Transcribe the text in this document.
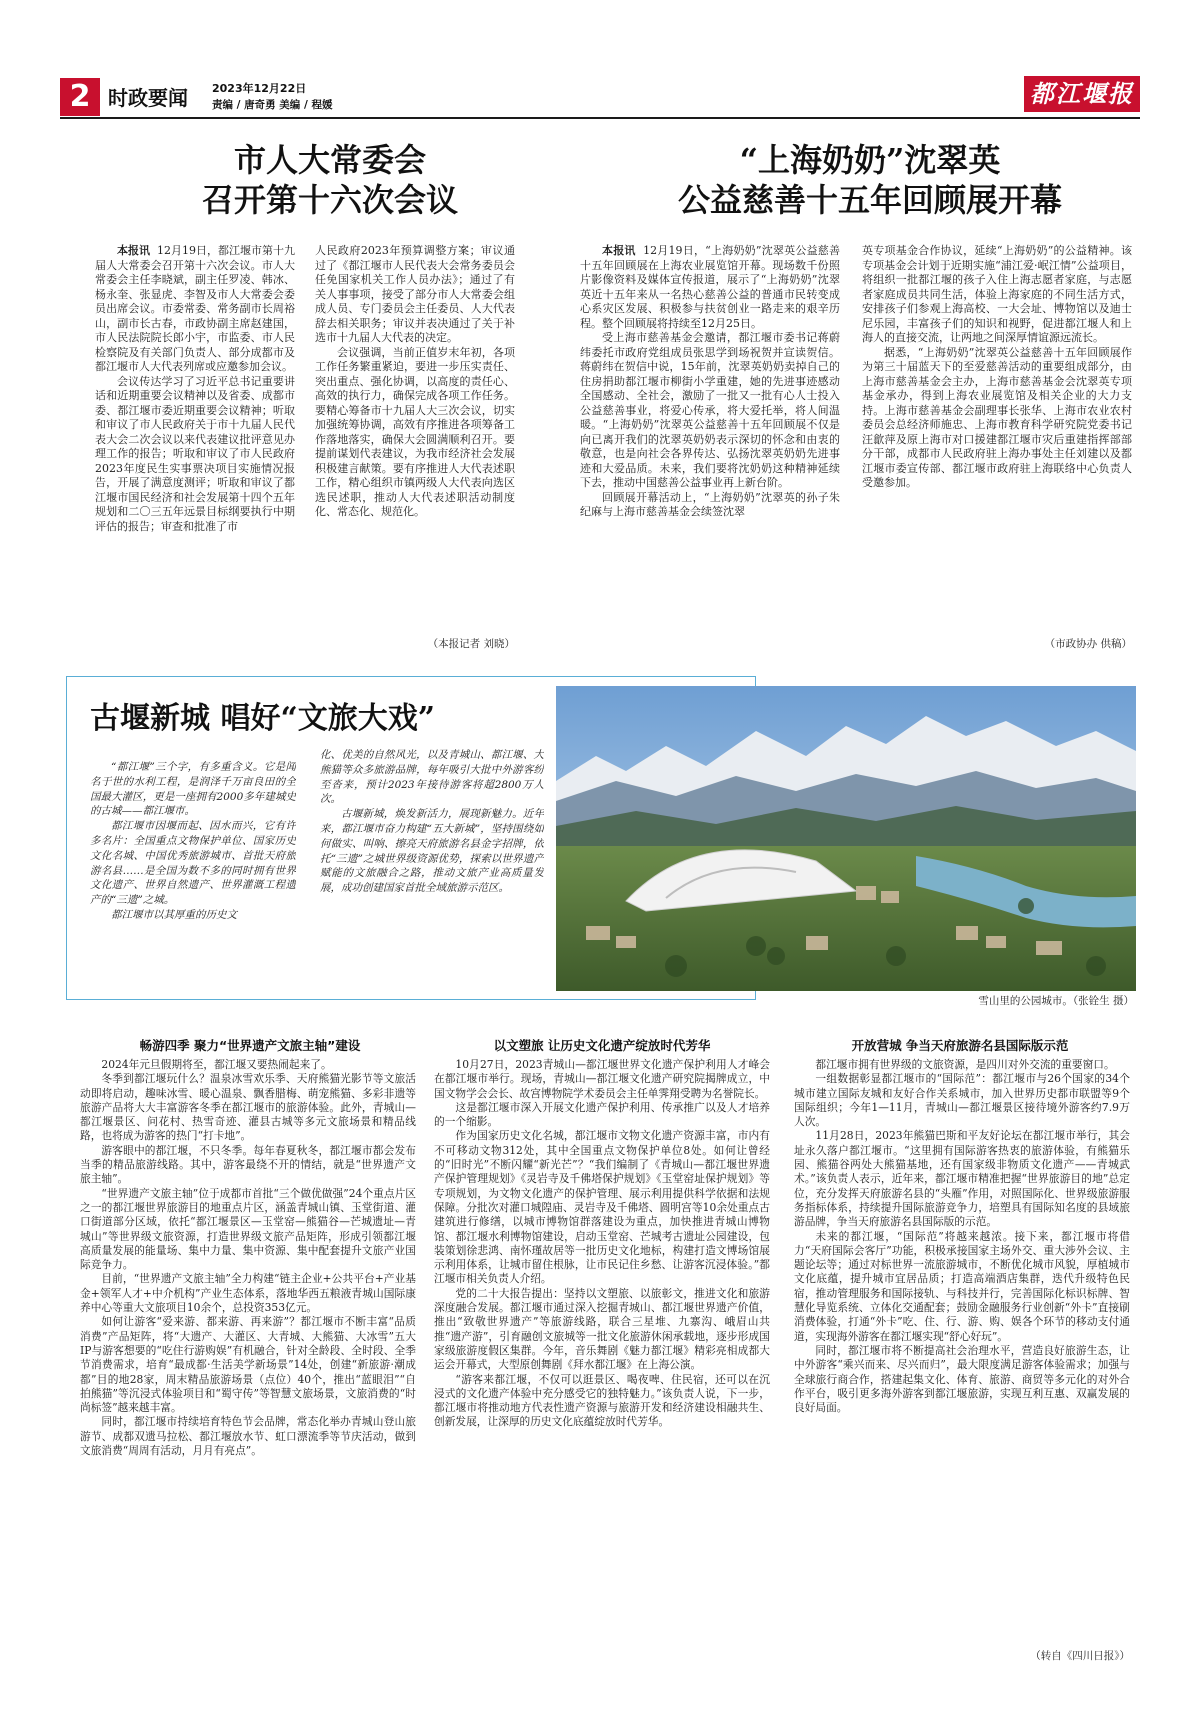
2 时政要闻 2023年12月22日
责编 / 唐奇勇 美编 / 程媛	都江堰报
市人大常委会
召开第十六次会议

本报讯 12月19日，都江堰市第十九届人大常委会召开第十六次会议。市人大常委会主任李晓斌，副主任罗凌、韩冰、杨永奎、张显虎、李智及市人大常委会委员出席会议。市委常委、常务副市长周裕山，副市长古春，市政协副主席赵建国，市人民法院院长郎小宇，市监委、市人民检察院及有关部门负责人、部分成都市及都江堰市人大代表列席或应邀参加会议。

会议传达学习了习近平总书记重要讲话和近期重要会议精神以及省委、成都市委、都江堰市委近期重要会议精神；听取和审议了市人民政府关于市十九届人民代表大会二次会议以来代表建议批评意见办理工作的报告；听取和审议了市人民政府2023年度民生实事票决项目实施情况报告，开展了满意度测评；听取和审议了都江堰市国民经济和社会发展第十四个五年规划和二〇三五年远景目标纲要执行中期评估的报告；审查和批准了市

人民政府2023年预算调整方案；审议通过了《都江堰市人民代表大会常务委员会任免国家机关工作人员办法》；通过了有关人事事项，接受了部分市人大常委会组成人员、专门委员会主任委员、人大代表辞去相关职务；审议并表决通过了关于补选市十九届人大代表的决定。

会议强调，当前正值岁末年初，各项工作任务繁重紧迫，要进一步压实责任、突出重点、强化协调，以高度的责任心、高效的执行力，确保完成各项工作任务。要精心筹备市十九届人大三次会议，切实加强统筹协调，高效有序推进各项筹备工作落地落实，确保大会圆满顺利召开。要提前谋划代表建议，为我市经济社会发展积极建言献策。要有序推进人大代表述职工作，精心组织市镇两级人大代表向选区选民述职，推动人大代表述职活动制度化、常态化、规范化。

（本报记者 刘晓）
“上海奶奶”沈翠英
公益慈善十五年回顾展开幕

本报讯 12月19日，“上海奶奶”沈翠英公益慈善十五年回顾展在上海农业展览馆开幕。现场数千份照片影像资料及媒体宣传报道，展示了“上海奶奶”沈翠英近十五年来从一名热心慈善公益的普通市民转变成心系灾区发展、积极参与扶贫创业一路走来的艰辛历程。整个回顾展将持续至12月25日。

受上海市慈善基金会邀请，都江堰市委书记蒋蔚纬委托市政府党组成员张思学到场祝贺并宣读贺信。蒋蔚纬在贺信中说，15年前，沈翠英奶奶卖掉自己的住房捐助都江堰市柳街小学重建，她的先进事迹感动全国感动、全社会，激励了一批又一批有心人士投入公益慈善事业，将爱心传承，将大爱托举，将人间温暖。“上海奶奶”沈翠英公益慈善十五年回顾展不仅是向已离开我们的沈翠英奶奶表示深切的怀念和由衷的敬意，也是向社会各界传达、弘扬沈翠英奶奶先进事迹和大爱品质。未来，我们要将沈奶奶这种精神延续下去，推动中国慈善公益事业再上新台阶。

回顾展开幕活动上，“上海奶奶”沈翠英的孙子朱纪麻与上海市慈善基金会续签沈翠

英专项基金合作协议，延续“上海奶奶”的公益精神。该专项基金会计划于近期实施“浦江爱·岷江情”公益项目，将组织一批都江堰的孩子入住上海志愿者家庭，与志愿者家庭成员共同生活，体验上海家庭的不同生活方式，安排孩子们参观上海高校、一大会址、博物馆以及迪士尼乐园，丰富孩子们的知识和视野，促进都江堰人和上海人的直接交流，让两地之间深厚情谊源远流长。

据悉，“上海奶奶”沈翠英公益慈善十五年回顾展作为第三十届蓝天下的至爱慈善活动的重要组成部分，由上海市慈善基金会主办，上海市慈善基金会沈翠英专项基金承办，得到上海农业展览馆及相关企业的大力支持。上海市慈善基金会副理事长张华、上海市农业农村委员会总经济师施忠、上海市教育科学研究院党委书记汪歙萍及原上海市对口援建都江堰市灾后重建指挥部部分干部，成都市人民政府驻上海办事处主任刘建以及都江堰市委宣传部、都江堰市政府驻上海联络中心负责人受邀参加。

（市政协办 供稿）
古堰新城 唱好“文旅大戏”

“都江堰”三个字，有多重含义。它是闻名于世的水利工程，是润泽千万亩良田的全国最大灌区，更是一座拥有2000多年建城史的古城——都江堰市。

都江堰市因堰而起、因水而兴，它有许多名片：全国重点文物保护单位、国家历史文化名城、中国优秀旅游城市、首批天府旅游名县……是全国为数不多的同时拥有世界文化遗产、世界自然遗产、世界灌溉工程遗产的“三遗”之城。

都江堰市以其厚重的历史文

化、优美的自然风光，以及青城山、都江堰、大熊猫等众多旅游品牌，每年吸引大批中外游客纷至沓来，预计2023年接待游客将超2800万人次。

古堰新城，焕发新活力，展现新魅力。近年来，都江堰市奋力构建“五大新城”，坚持围绕如何做实、叫响、擦亮天府旅游名县金字招牌，依托“三遗”之城世界级资源优势，探索以世界遗产赋能的文旅融合之路，推动文旅产业高质量发展，成功创建国家首批全域旅游示范区。

雪山里的公园城市。（张铨生 摄）
畅游四季 聚力“世界遗产文旅主轴”建设

2024年元旦假期将至，都江堰又要热闹起来了。

冬季到都江堰玩什么？温泉冰雪欢乐季、天府熊猫光影节等文旅活动即将启动，趣味冰雪、暖心温泉、飘香腊梅、萌宠熊猫、多彩非遗等旅游产品将大大丰富游客冬季在都江堰市的旅游体验。此外，青城山—都江堰景区、问花村、热雪奇迹、灌县古城等多元文旅场景和精品线路，也将成为游客的热门“打卡地”。

游客眼中的都江堰，不只冬季。每年春夏秋冬，都江堰市都会发布当季的精品旅游线路。其中，游客最绕不开的情结，就是“世界遗产文旅主轴”。

“世界遗产文旅主轴”位于成都市首批“三个做优做强”24个重点片区之一的都江堰世界旅游目的地重点片区，涵盖青城山镇、玉堂街道、灌口街道部分区域，依托“都江堰景区—玉堂窑—熊猫谷—芒城遗址—青城山”等世界级文旅资源，打造世界级文旅产品矩阵，形成引领都江堰高质量发展的能量场、集中力量、集中资源、集中配套提升文旅产业国际竞争力。

目前，“世界遗产文旅主轴”全力构建“链主企业+公共平台+产业基金+领军人才+中介机构”产业生态体系，落地华西五粮液青城山国际康养中心等重大文旅项目10余个，总投资353亿元。

如何让游客“爱来游、都来游、再来游”？都江堰市不断丰富“品质消费”产品矩阵，将“大遗产、大灌区、大青城、大熊猫、大冰雪”五大IP与游客想要的“吃住行游购娱”有机融合，针对全龄段、全时段、全季节消费需求，培育“最成都·生活美学新场景”14处，创建“新旅游·潮成都”目的地28家，周末精品旅游场景（点位）40个，推出“蓝眼泪”“自拍熊猫”等沉浸式体验项目和“蜀守传”等智慧文旅场景，文旅消费的“时尚标签”越来越丰富。

同时，都江堰市持续培育特色节会品牌，常态化举办青城山登山旅游节、成都双遗马拉松、都江堰放水节、虹口漂流季等节庆活动，做到文旅消费“周周有活动，月月有亮点”。

以文塑旅 让历史文化遗产绽放时代芳华

10月27日，2023青城山—都江堰世界文化遗产保护利用人才峰会在都江堰市举行。现场，青城山—都江堰文化遗产研究院揭牌成立，中国文物学会会长、故宫博物院学术委员会主任单霁翔受聘为名誉院长。

这是都江堰市深入开展文化遗产保护利用、传承推广以及人才培养的一个缩影。

作为国家历史文化名城，都江堰市文物文化遗产资源丰富，市内有不可移动文物312处，其中全国重点文物保护单位8处。如何让曾经的“旧时光”不断闪耀“新光芒”？“我们编制了《青城山—都江堰世界遗产保护管理规划》《灵岩寺及千佛塔保护规划》《玉堂窑址保护规划》等专项规划，为文物文化遗产的保护管理、展示利用提供科学依据和法规保障。分批次对灌口城隍庙、灵岩寺及千佛塔、圆明宫等10余处重点古建筑进行修缮，以城市博物馆群落建设为重点，加快推进青城山博物馆、都江堰水利博物馆建设，启动玉堂窑、芒城考古遗址公园建设，包装策划徐悲鸿、南怀瑾故居等一批历史文化地标，构建打造文博场馆展示利用体系，让城市留住根脉，让市民记住乡愁、让游客沉浸体验。”都江堰市相关负责人介绍。

党的二十大报告提出：坚持以文塑旅、以旅彰文，推进文化和旅游深度融合发展。都江堰市通过深入挖掘青城山、都江堰世界遗产价值，推出“致敬世界遗产”等旅游线路，联合三星堆、九寨沟、峨眉山共推“遗产游”，引育融创文旅城等一批文化旅游休闲承载地，逐步形成国家级旅游度假区集群。今年，音乐舞剧《魅力都江堰》精彩亮相成都大运会开幕式，大型原创舞剧《拜水都江堰》在上海公演。

“游客来都江堰，不仅可以逛景区、喝夜啤、住民宿，还可以在沉浸式的文化遗产体验中充分感受它的独特魅力。”该负责人说，下一步，都江堰市将推动地方代表性遗产资源与旅游开发和经济建设相融共生、创新发展，让深厚的历史文化底蕴绽放时代芳华。

开放营城 争当天府旅游名县国际版示范

都江堰市拥有世界级的文旅资源，是四川对外交流的重要窗口。

一组数据彰显都江堰市的“国际范”：都江堰市与26个国家的34个城市建立国际友城和友好合作关系城市，加入世界历史都市联盟等9个国际组织；今年1—11月，青城山—都江堰景区接待境外游客约7.9万人次。

11月28日，2023年熊猫巴斯和平友好论坛在都江堰市举行，其会址永久落户都江堰市。“这里拥有国际游客热衷的旅游体验，有熊猫乐园、熊猫谷两处大熊猫基地，还有国家级非物质文化遗产——青城武术。”该负责人表示，近年来，都江堰市精准把握“世界旅游目的地”总定位，充分发挥天府旅游名县的“头雁”作用，对照国际化、世界级旅游服务指标体系，持续提升国际旅游竞争力，培塑具有国际知名度的县域旅游品牌，争当天府旅游名县国际版的示范。

未来的都江堰，“国际范”将越来越浓。接下来，都江堰市将借力“天府国际会客厅”功能，积极承接国家主场外交、重大涉外会议、主题论坛等；通过对标世界一流旅游城市，不断优化城市风貌，厚植城市文化底蕴，提升城市宜居品质；打造高端酒店集群，迭代升级特色民宿，推动管理服务和国际接轨、与科技并行，完善国际化标识标牌、智慧化导览系统、立体化交通配套；鼓励金融服务行业创新“外卡”直接刷消费体验，打通“外卡”吃、住、行、游、购、娱各个环节的移动支付通道，实现海外游客在都江堰实现“舒心好玩”。

同时，都江堰市将不断提高社会治理水平，营造良好旅游生态，让中外游客“乘兴而来、尽兴而归”，最大限度满足游客体验需求；加强与全球旅行商合作，搭建起集文化、体育、旅游、商贸等多元化的对外合作平台，吸引更多海外游客到都江堰旅游，实现互利互惠、双赢发展的良好局面。

（转自《四川日报》）
